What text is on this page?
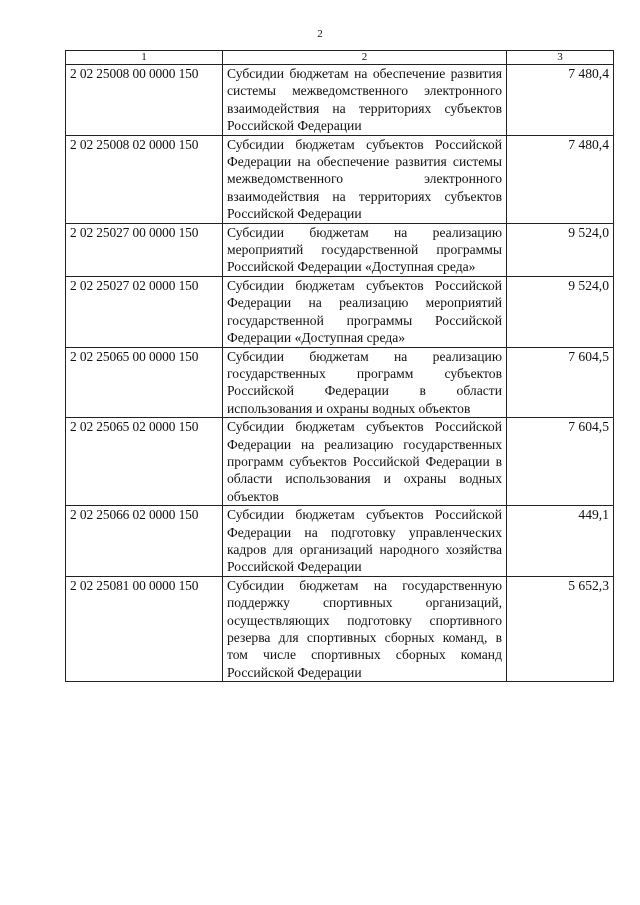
2
1	2	3
2 02 25008 00 0000 150	Субсидии бюджетам на обеспечение развития системы межведомственного электронного взаимодействия на территориях субъектов Российской Федерации	7 480,4
2 02 25008 02 0000 150	Субсидии бюджетам субъектов Российской Федерации на обеспечение развития системы межведомственного электронного взаимодействия на территориях субъектов Российской Федерации	7 480,4
2 02 25027 00 0000 150	Субсидии бюджетам на реализацию мероприятий государственной программы Российской Федерации «Доступная среда»	9 524,0
2 02 25027 02 0000 150	Субсидии бюджетам субъектов Российской Федерации на реализацию мероприятий государственной программы Российской Федерации «Доступная среда»	9 524,0
2 02 25065 00 0000 150	Субсидии бюджетам на реализацию государственных программ субъектов Российской Федерации в области использования и охраны водных объектов	7 604,5
2 02 25065 02 0000 150	Субсидии бюджетам субъектов Российской Федерации на реализацию государственных программ субъектов Российской Федерации в области использования и охраны водных объектов	7 604,5
2 02 25066 02 0000 150	Субсидии бюджетам субъектов Российской Федерации на подготовку управленческих кадров для организаций народного хозяйства Российской Федерации	449,1
2 02 25081 00 0000 150	Субсидии бюджетам на государственную поддержку спортивных организаций, осуществляющих подготовку спортивного резерва для спортивных сборных команд, в том числе спортивных сборных команд Российской Федерации	5 652,3
